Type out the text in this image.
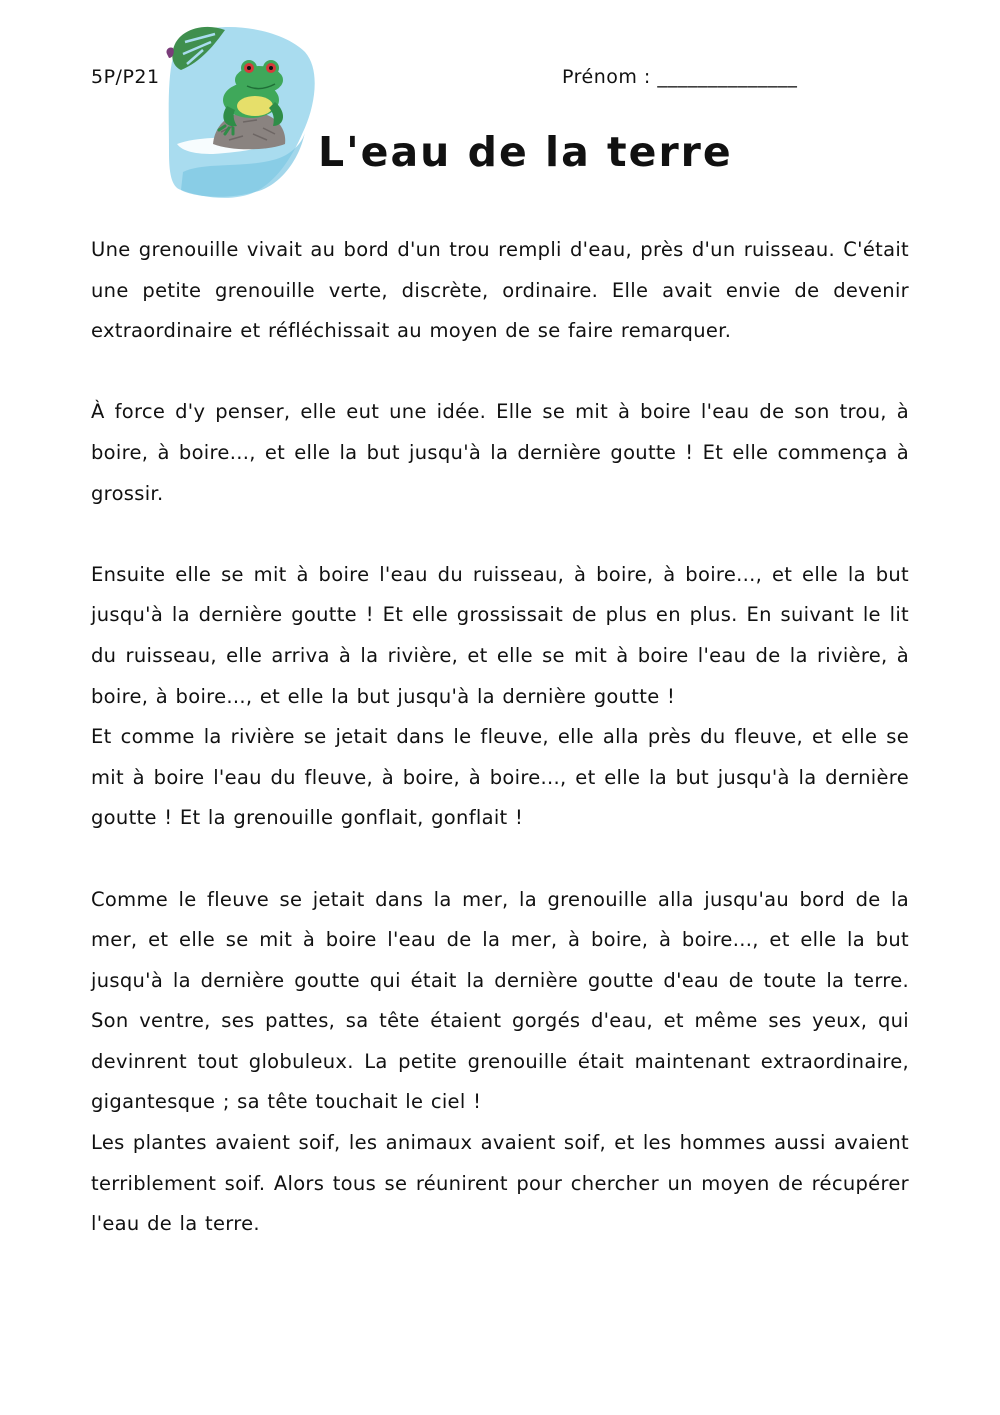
5P/P21	Prénom : ______________
L'eau de la terre

Une grenouille vivait au bord d'un trou rempli d'eau, près d'un ruisseau. C'était une petite grenouille verte, discrète, ordinaire. Elle avait envie de devenir extraordinaire et réfléchissait au moyen de se faire remarquer.

À force d'y penser, elle eut une idée. Elle se mit à boire l'eau de son trou, à boire, à boire..., et elle la but jusqu'à la dernière goutte ! Et elle commença à grossir.

Ensuite elle se mit à boire l'eau du ruisseau, à boire, à boire..., et elle la but jusqu'à la dernière goutte ! Et elle grossissait de plus en plus. En suivant le lit du ruisseau, elle arriva à la rivière, et elle se mit à boire l'eau de la rivière, à boire, à boire..., et elle la but jusqu'à la dernière goutte !

Et comme la rivière se jetait dans le fleuve, elle alla près du fleuve, et elle se mit à boire l'eau du fleuve, à boire, à boire..., et elle la but jusqu'à la dernière goutte ! Et la grenouille gonflait, gonflait !

Comme le fleuve se jetait dans la mer, la grenouille alla jusqu'au bord de la mer, et elle se mit à boire l'eau de la mer, à boire, à boire..., et elle la but jusqu'à la dernière goutte qui était la dernière goutte d'eau de toute la terre. Son ventre, ses pattes, sa tête étaient gorgés d'eau, et même ses yeux, qui devinrent tout globuleux. La petite grenouille était maintenant extraordinaire, gigantesque ; sa tête touchait le ciel !

Les plantes avaient soif, les animaux avaient soif, et les hommes aussi avaient terriblement soif. Alors tous se réunirent pour chercher un moyen de récupérer l'eau de la terre.
